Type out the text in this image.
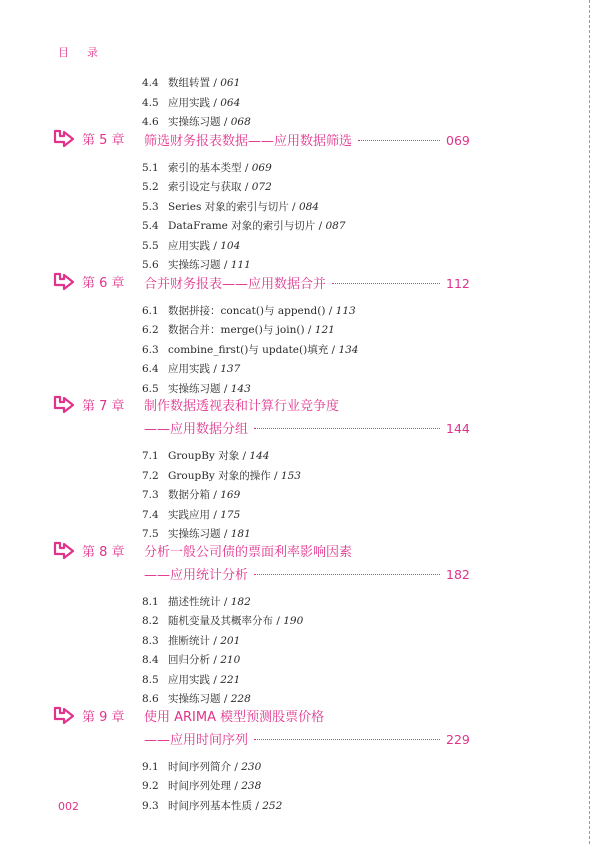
目 录
4.4 数组转置 / 061
4.5 应用实践 / 064
4.6 实操练习题 / 068
第 5 章 筛选财务报表数据——应用数据筛选	069
5.1 索引的基本类型 / 069
5.2 索引设定与获取 / 072
5.3 Series 对象的索引与切片 / 084
5.4 DataFrame 对象的索引与切片 / 087
5.5 应用实践 / 104
5.6 实操练习题 / 111
第 6 章 合并财务报表——应用数据合并	112
6.1 数据拼接：concat()与 append() / 113
6.2 数据合并：merge()与 join() / 121
6.3 combine_first()与 update()填充 / 134
6.4 应用实践 / 137
6.5 实操练习题 / 143
第 7 章 制作数据透视表和计算行业竞争度
——应用数据分组	144
7.1 GroupBy 对象 / 144
7.2 GroupBy 对象的操作 / 153
7.3 数据分箱 / 169
7.4 实践应用 / 175
7.5 实操练习题 / 181
第 8 章 分析一般公司债的票面利率影响因素
——应用统计分析	182
8.1 描述性统计 / 182
8.2 随机变量及其概率分布 / 190
8.3 推断统计 / 201
8.4 回归分析 / 210
8.5 应用实践 / 221
8.6 实操练习题 / 228
第 9 章 使用 ARIMA 模型预测股票价格
——应用时间序列	229
9.1 时间序列简介 / 230
9.2 时间序列处理 / 238
9.3 时间序列基本性质 / 252
002
